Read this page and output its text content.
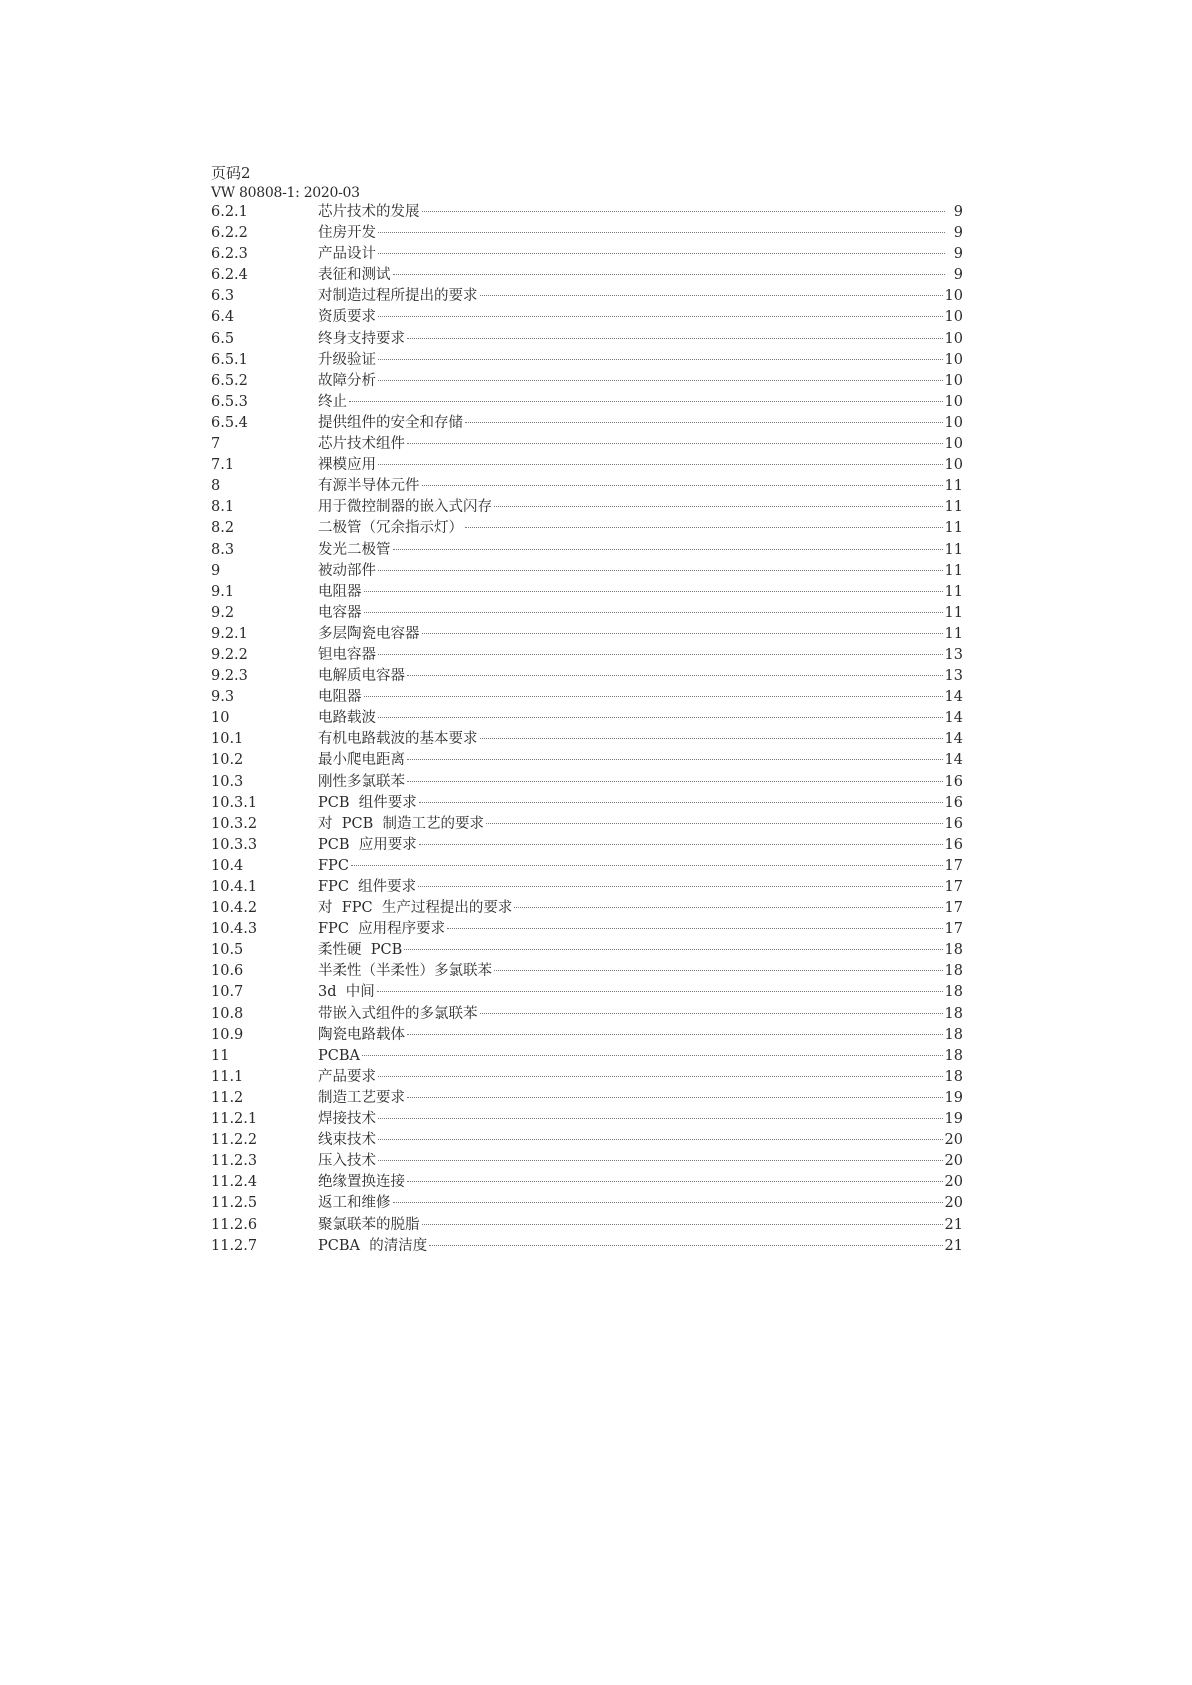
页码2
VW 80808-1: 2020-03
6.2.1	芯片技术的发展	9
6.2.2	住房开发	9
6.2.3	产品设计	9
6.2.4	表征和测试	9
6.3	对制造过程所提出的要求	10
6.4	资质要求	10
6.5	终身支持要求	10
6.5.1	升级验证	10
6.5.2	故障分析	10
6.5.3	终止	10
6.5.4	提供组件的安全和存储	10
7	芯片技术组件	10
7.1	裸模应用	10
8	有源半导体元件	11
8.1	用于微控制器的嵌入式闪存	11
8.2	二极管（冗余指示灯）	11
8.3	发光二极管	11
9	被动部件	11
9.1	电阻器	11
9.2	电容器	11
9.2.1	多层陶瓷电容器	11
9.2.2	钽电容器	13
9.2.3	电解质电容器	13
9.3	电阻器	14
10	电路载波	14
10.1	有机电路载波的基本要求	14
10.2	最小爬电距离	14
10.3	刚性多氯联苯	16
10.3.1	PCB  组件要求	16
10.3.2	对  PCB  制造工艺的要求	16
10.3.3	PCB  应用要求	16
10.4	FPC	17
10.4.1	FPC  组件要求	17
10.4.2	对  FPC  生产过程提出的要求	17
10.4.3	FPC  应用程序要求	17
10.5	柔性硬  PCB	18
10.6	半柔性（半柔性）多氯联苯	18
10.7	3d  中间	18
10.8	带嵌入式组件的多氯联苯	18
10.9	陶瓷电路载体	18
11	PCBA	18
11.1	产品要求	18
11.2	制造工艺要求	19
11.2.1	焊接技术	19
11.2.2	线束技术	20
11.2.3	压入技术	20
11.2.4	绝缘置换连接	20
11.2.5	返工和维修	20
11.2.6	聚氯联苯的脱脂	21
11.2.7	PCBA  的清洁度	21
